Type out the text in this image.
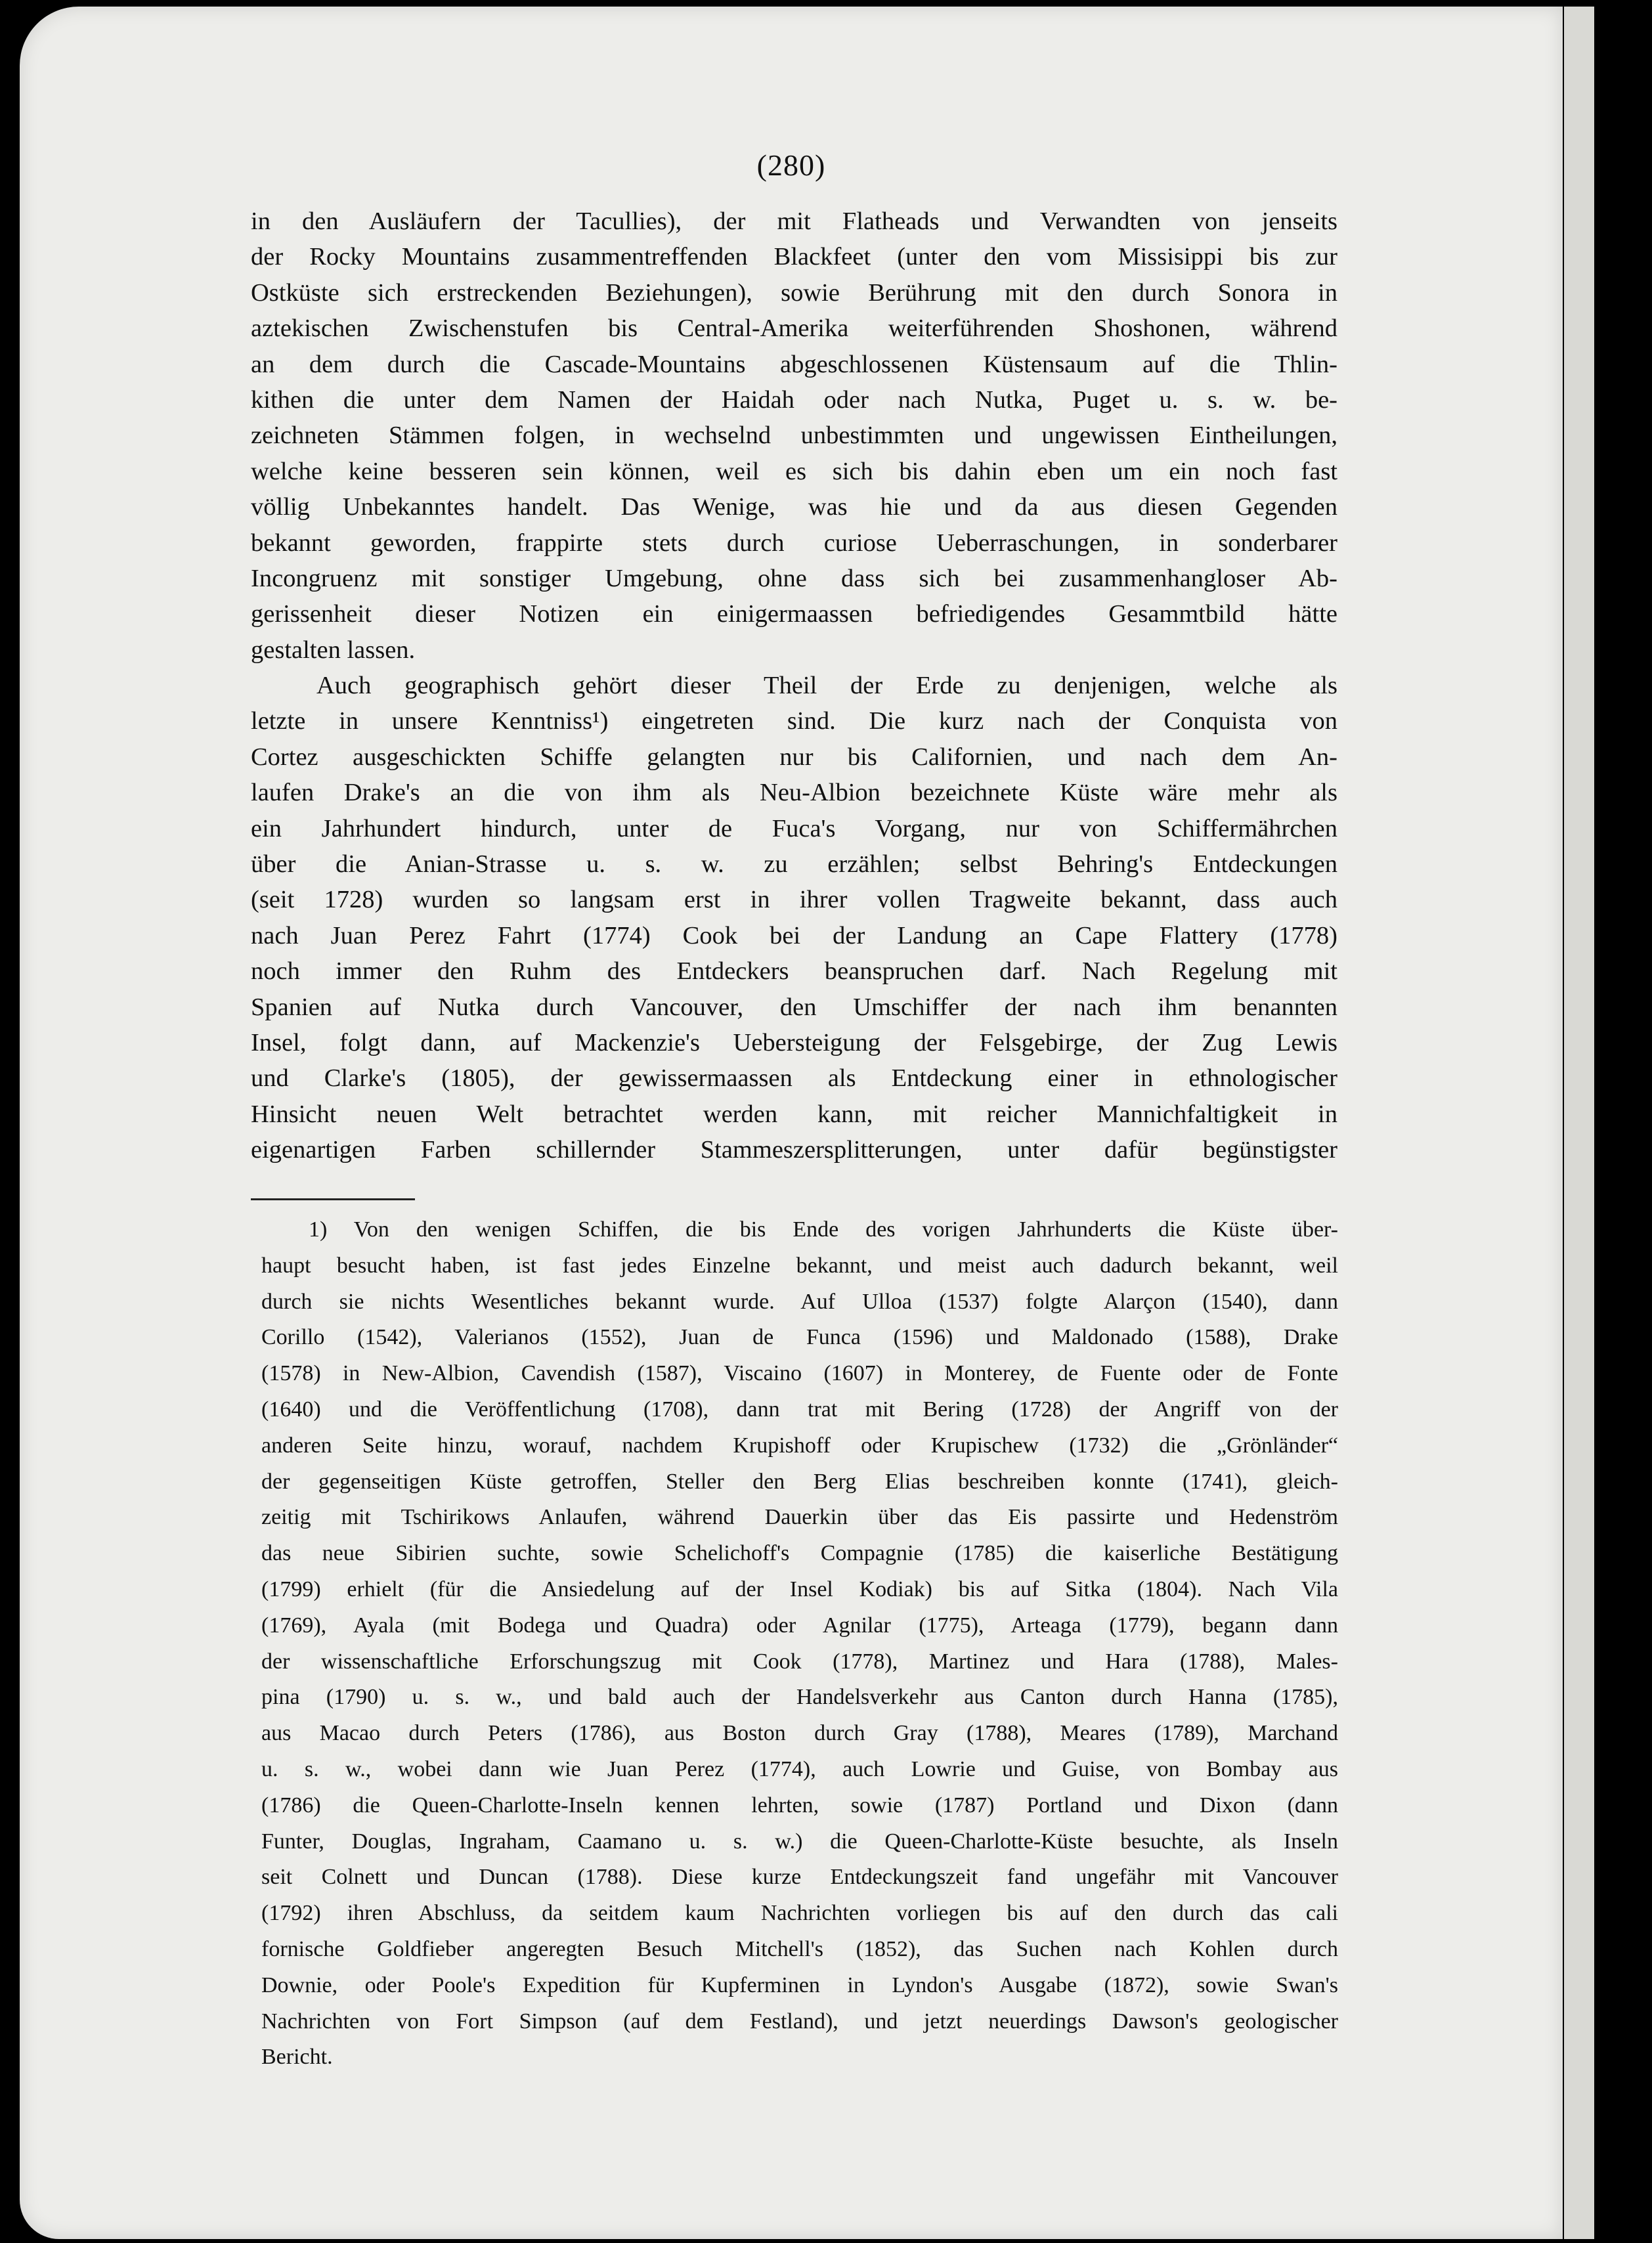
(280)
in den Ausläufern der Tacullies), der mit Flatheads und Verwandten von jenseits
der Rocky Mountains zusammentreffenden Blackfeet (unter den vom Missisippi bis zur
Ostküste sich erstreckenden Beziehungen), sowie Berührung mit den durch Sonora in
aztekischen Zwischenstufen bis Central-Amerika weiterführenden Shoshonen, während
an dem durch die Cascade-Mountains abgeschlossenen Küstensaum auf die Thlin-
kithen die unter dem Namen der Haidah oder nach Nutka, Puget u. s. w. be-
zeichneten Stämmen folgen, in wechselnd unbestimmten und ungewissen Eintheilungen,
welche keine besseren sein können, weil es sich bis dahin eben um ein noch fast
völlig Unbekanntes handelt. Das Wenige, was hie und da aus diesen Gegenden
bekannt geworden, frappirte stets durch curiose Ueberraschungen, in sonderbarer
Incongruenz mit sonstiger Umgebung, ohne dass sich bei zusammenhangloser Ab-
gerissenheit dieser Notizen ein einigermaassen befriedigendes Gesammtbild hätte
gestalten lassen.
Auch geographisch gehört dieser Theil der Erde zu denjenigen, welche als
letzte in unsere Kenntniss¹) eingetreten sind. Die kurz nach der Conquista von
Cortez ausgeschickten Schiffe gelangten nur bis Californien, und nach dem An-
laufen Drake's an die von ihm als Neu-Albion bezeichnete Küste wäre mehr als
ein Jahrhundert hindurch, unter de Fuca's Vorgang, nur von Schiffermährchen
über die Anian-Strasse u. s. w. zu erzählen; selbst Behring's Entdeckungen
(seit 1728) wurden so langsam erst in ihrer vollen Tragweite bekannt, dass auch
nach Juan Perez Fahrt (1774) Cook bei der Landung an Cape Flattery (1778)
noch immer den Ruhm des Entdeckers beanspruchen darf. Nach Regelung mit
Spanien auf Nutka durch Vancouver, den Umschiffer der nach ihm benannten
Insel, folgt dann, auf Mackenzie's Uebersteigung der Felsgebirge, der Zug Lewis
und Clarke's (1805), der gewissermaassen als Entdeckung einer in ethnologischer
Hinsicht neuen Welt betrachtet werden kann, mit reicher Mannichfaltigkeit in
eigenartigen Farben schillernder Stammeszersplitterungen, unter dafür begünstigster
1) Von den wenigen Schiffen, die bis Ende des vorigen Jahrhunderts die Küste über-
haupt besucht haben, ist fast jedes Einzelne bekannt, und meist auch dadurch bekannt, weil
durch sie nichts Wesentliches bekannt wurde. Auf Ulloa (1537) folgte Alarçon (1540), dann
Corillo (1542), Valerianos (1552), Juan de Funca (1596) und Maldonado (1588), Drake
(1578) in New-Albion, Cavendish (1587), Viscaino (1607) in Monterey, de Fuente oder de Fonte
(1640) und die Veröffentlichung (1708), dann trat mit Bering (1728) der Angriff von der
anderen Seite hinzu, worauf, nachdem Krupishoff oder Krupischew (1732) die „Grönländer“
der gegenseitigen Küste getroffen, Steller den Berg Elias beschreiben konnte (1741), gleich-
zeitig mit Tschirikows Anlaufen, während Dauerkin über das Eis passirte und Hedenström
das neue Sibirien suchte, sowie Schelichoff's Compagnie (1785) die kaiserliche Bestätigung
(1799) erhielt (für die Ansiedelung auf der Insel Kodiak) bis auf Sitka (1804). Nach Vila
(1769), Ayala (mit Bodega und Quadra) oder Agnilar (1775), Arteaga (1779), begann dann
der wissenschaftliche Erforschungszug mit Cook (1778), Martinez und Hara (1788), Males-
pina (1790) u. s. w., und bald auch der Handelsverkehr aus Canton durch Hanna (1785),
aus Macao durch Peters (1786), aus Boston durch Gray (1788), Meares (1789), Marchand
u. s. w., wobei dann wie Juan Perez (1774), auch Lowrie und Guise, von Bombay aus
(1786) die Queen-Charlotte-Inseln kennen lehrten, sowie (1787) Portland und Dixon (dann
Funter, Douglas, Ingraham, Caamano u. s. w.) die Queen-Charlotte-Küste besuchte, als Inseln
seit Colnett und Duncan (1788). Diese kurze Entdeckungszeit fand ungefähr mit Vancouver
(1792) ihren Abschluss, da seitdem kaum Nachrichten vorliegen bis auf den durch das cali
fornische Goldfieber angeregten Besuch Mitchell's (1852), das Suchen nach Kohlen durch
Downie, oder Poole's Expedition für Kupferminen in Lyndon's Ausgabe (1872), sowie Swan's
Nachrichten von Fort Simpson (auf dem Festland), und jetzt neuerdings Dawson's geologischer
Bericht.
